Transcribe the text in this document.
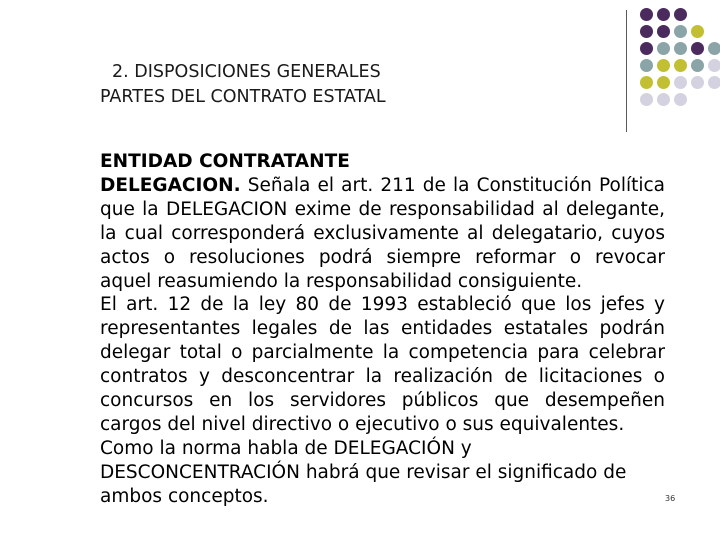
2. DISPOSICIONES GENERALES
PARTES DEL CONTRATO ESTATAL

ENTIDAD CONTRATANTE

DELEGACION. Señala el art. 211 de la Constitución Política que la DELEGACION exime de responsabilidad al delegante, la cual corresponderá exclusivamente al delegatario, cuyos actos o resoluciones podrá siempre reformar o revocar aquel reasumiendo la responsabilidad consiguiente.

El art. 12 de la ley 80 de 1993 estableció que los jefes y representantes legales de las entidades estatales podrán delegar total o parcialmente la competencia para celebrar contratos y desconcentrar la realización de licitaciones o concursos en los servidores públicos que desempeñen cargos del nivel directivo o ejecutivo o sus equivalentes.

Como la norma habla de DELEGACIÓN y
DESCONCENTRACIÓN habrá que revisar el significado de ambos conceptos.	36
